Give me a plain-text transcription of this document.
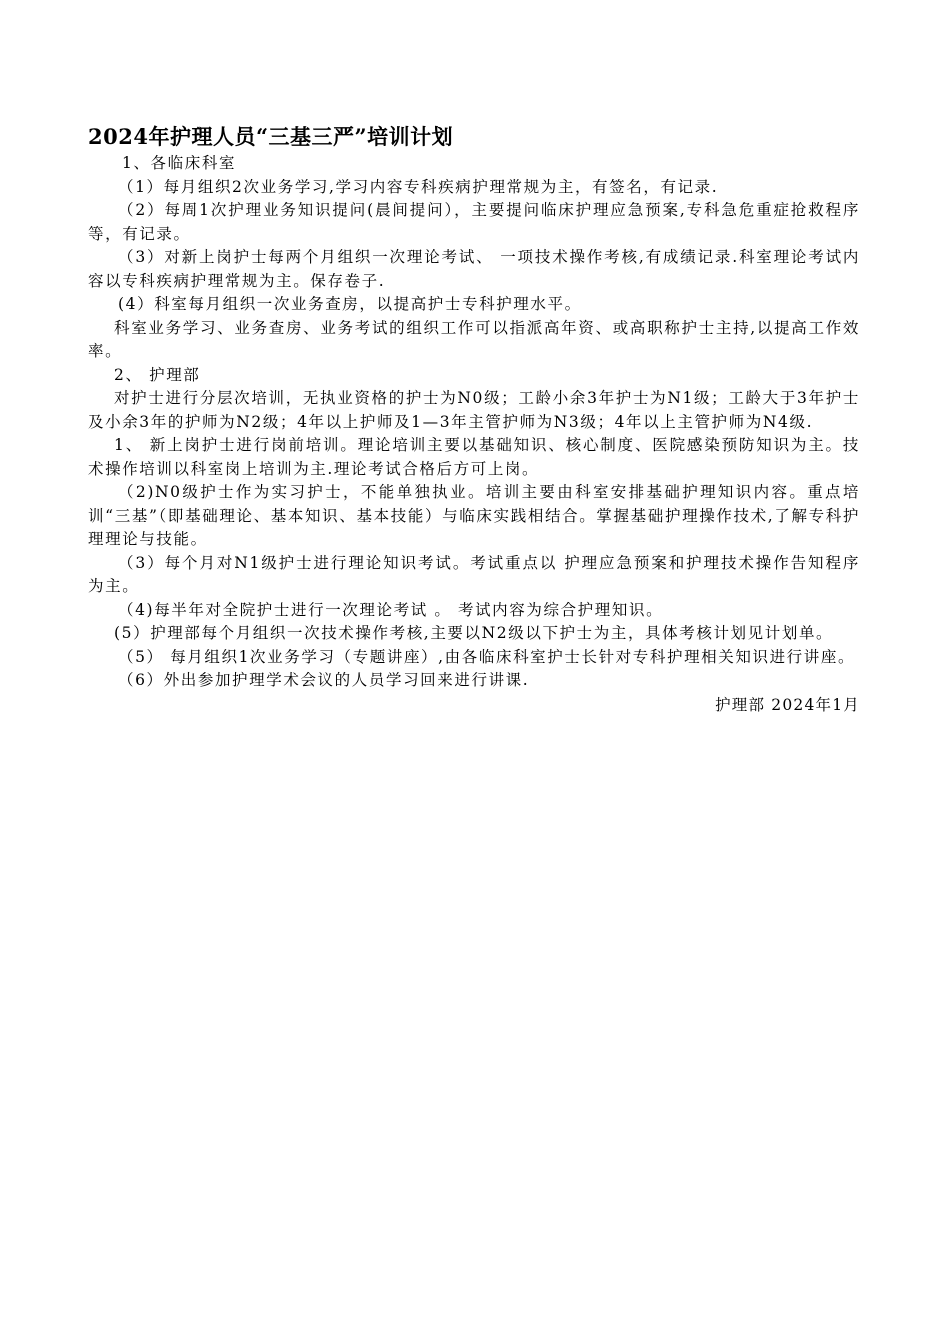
2024年护理人员“三基三严”培训计划

1、各临床科室

（1）每月组织2次业务学习,学习内容专科疾病护理常规为主，有签名，有记录.

（2）每周1次护理业务知识提问(晨间提问），主要提问临床护理应急预案,专科急危重症抢救程序等，有记录。

（3）对新上岗护士每两个月组织一次理论考试、 一项技术操作考核,有成绩记录.科室理论考试内容以专科疾病护理常规为主。保存卷子.

(4）科室每月组织一次业务查房，以提高护士专科护理水平。

科室业务学习、业务查房、业务考试的组织工作可以指派高年资、或高职称护士主持,以提高工作效率。

2、 护理部

对护士进行分层次培训，无执业资格的护士为N0级；工龄小余3年护士为N1级；工龄大于3年护士及小余3年的护师为N2级；4年以上护师及1—3年主管护师为N3级；4年以上主管护师为N4级.

1、 新上岗护士进行岗前培训。理论培训主要以基础知识、核心制度、医院感染预防知识为主。技术操作培训以科室岗上培训为主.理论考试合格后方可上岗。

（2)N0级护士作为实习护士，不能单独执业。培训主要由科室安排基础护理知识内容。重点培训“三基”（即基础理论、基本知识、基本技能）与临床实践相结合。掌握基础护理操作技术,了解专科护理理论与技能。

（3）每个月对N1级护士进行理论知识考试。考试重点以 护理应急预案和护理技术操作告知程序为主。

（4)每半年对全院护士进行一次理论考试 。 考试内容为综合护理知识。

(5）护理部每个月组织一次技术操作考核,主要以N2级以下护士为主，具体考核计划见计划单。

（5） 每月组织1次业务学习（专题讲座）,由各临床科室护士长针对专科护理相关知识进行讲座。

（6）外出参加护理学术会议的人员学习回来进行讲课.

护理部 2024年1月
